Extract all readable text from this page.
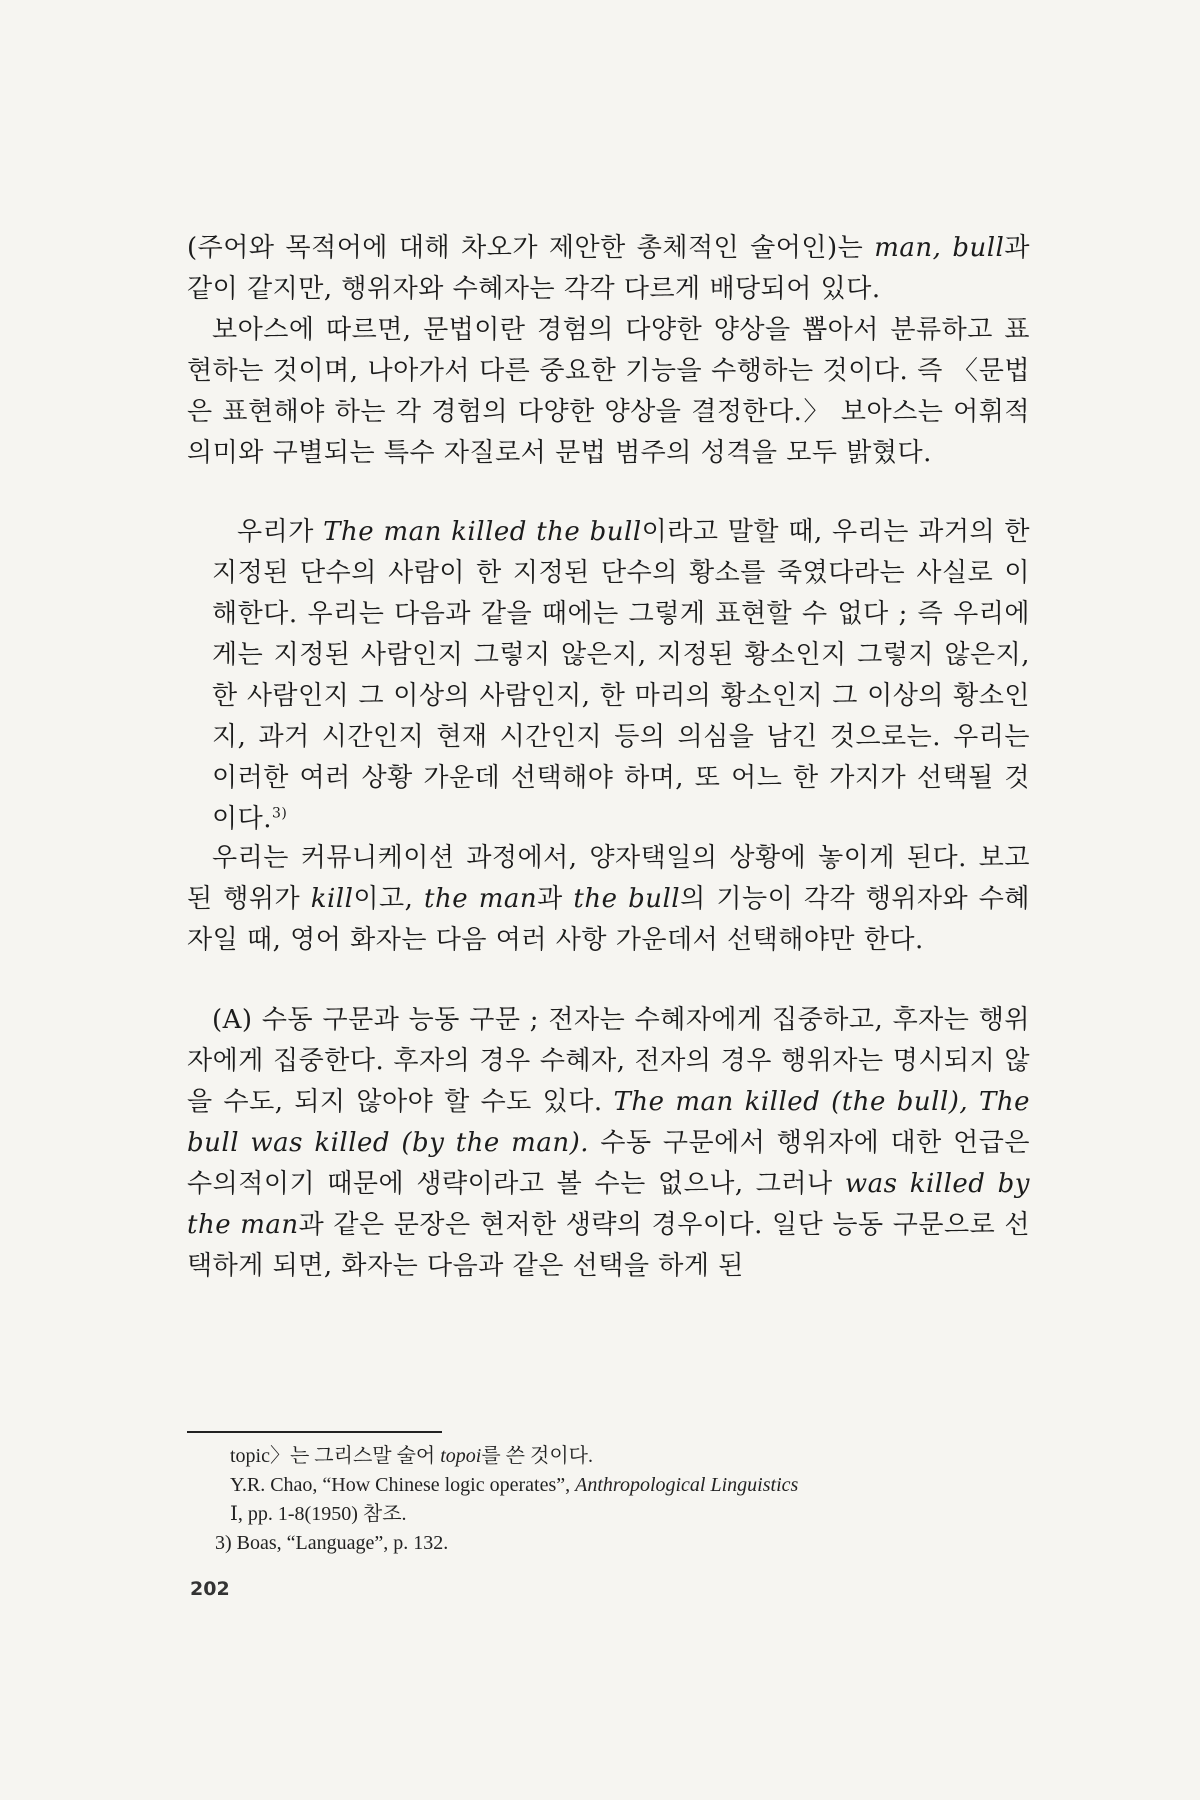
(주어와 목적어에 대해 차오가 제안한 총체적인 술어인)는 man, bull과 같이 같지만, 행위자와 수혜자는 각각 다르게 배당되어 있다.

보아스에 따르면, 문법이란 경험의 다양한 양상을 뽑아서 분류하고 표현하는 것이며, 나아가서 다른 중요한 기능을 수행하는 것이다. 즉 〈문법은 표현해야 하는 각 경험의 다양한 양상을 결정한다.〉 보아스는 어휘적 의미와 구별되는 특수 자질로서 문법 범주의 성격을 모두 밝혔다.

우리가 The man killed the bull이라고 말할 때, 우리는 과거의 한 지정된 단수의 사람이 한 지정된 단수의 황소를 죽였다라는 사실로 이해한다. 우리는 다음과 같을 때에는 그렇게 표현할 수 없다 ; 즉 우리에게는 지정된 사람인지 그렇지 않은지, 지정된 황소인지 그렇지 않은지, 한 사람인지 그 이상의 사람인지, 한 마리의 황소인지 그 이상의 황소인지, 과거 시간인지 현재 시간인지 등의 의심을 남긴 것으로는. 우리는 이러한 여러 상황 가운데 선택해야 하며, 또 어느 한 가지가 선택될 것이다.$^{3)}$

우리는 커뮤니케이션 과정에서, 양자택일의 상황에 놓이게 된다. 보고된 행위가 kill이고, the man과 the bull의 기능이 각각 행위자와 수혜자일 때, 영어 화자는 다음 여러 사항 가운데서 선택해야만 한다.

(A) 수동 구문과 능동 구문 ; 전자는 수혜자에게 집중하고, 후자는 행위자에게 집중한다. 후자의 경우 수혜자, 전자의 경우 행위자는 명시되지 않을 수도, 되지 않아야 할 수도 있다. The man killed (the bull), The bull was killed (by the man). 수동 구문에서 행위자에 대한 언급은 수의적이기 때문에 생략이라고 볼 수는 없으나, 그러나 was killed by the man과 같은 문장은 현저한 생략의 경우이다. 일단 능동 구문으로 선택하게 되면, 화자는 다음과 같은 선택을 하게 된

topic〉는 그리스말 술어 topoi를 쓴 것이다.
Y.R. Chao, “How Chinese logic operates”, Anthropological Linguistics
Ⅰ, pp. 1-8(1950) 참조.
3) Boas, “Language”, p. 132.
202
